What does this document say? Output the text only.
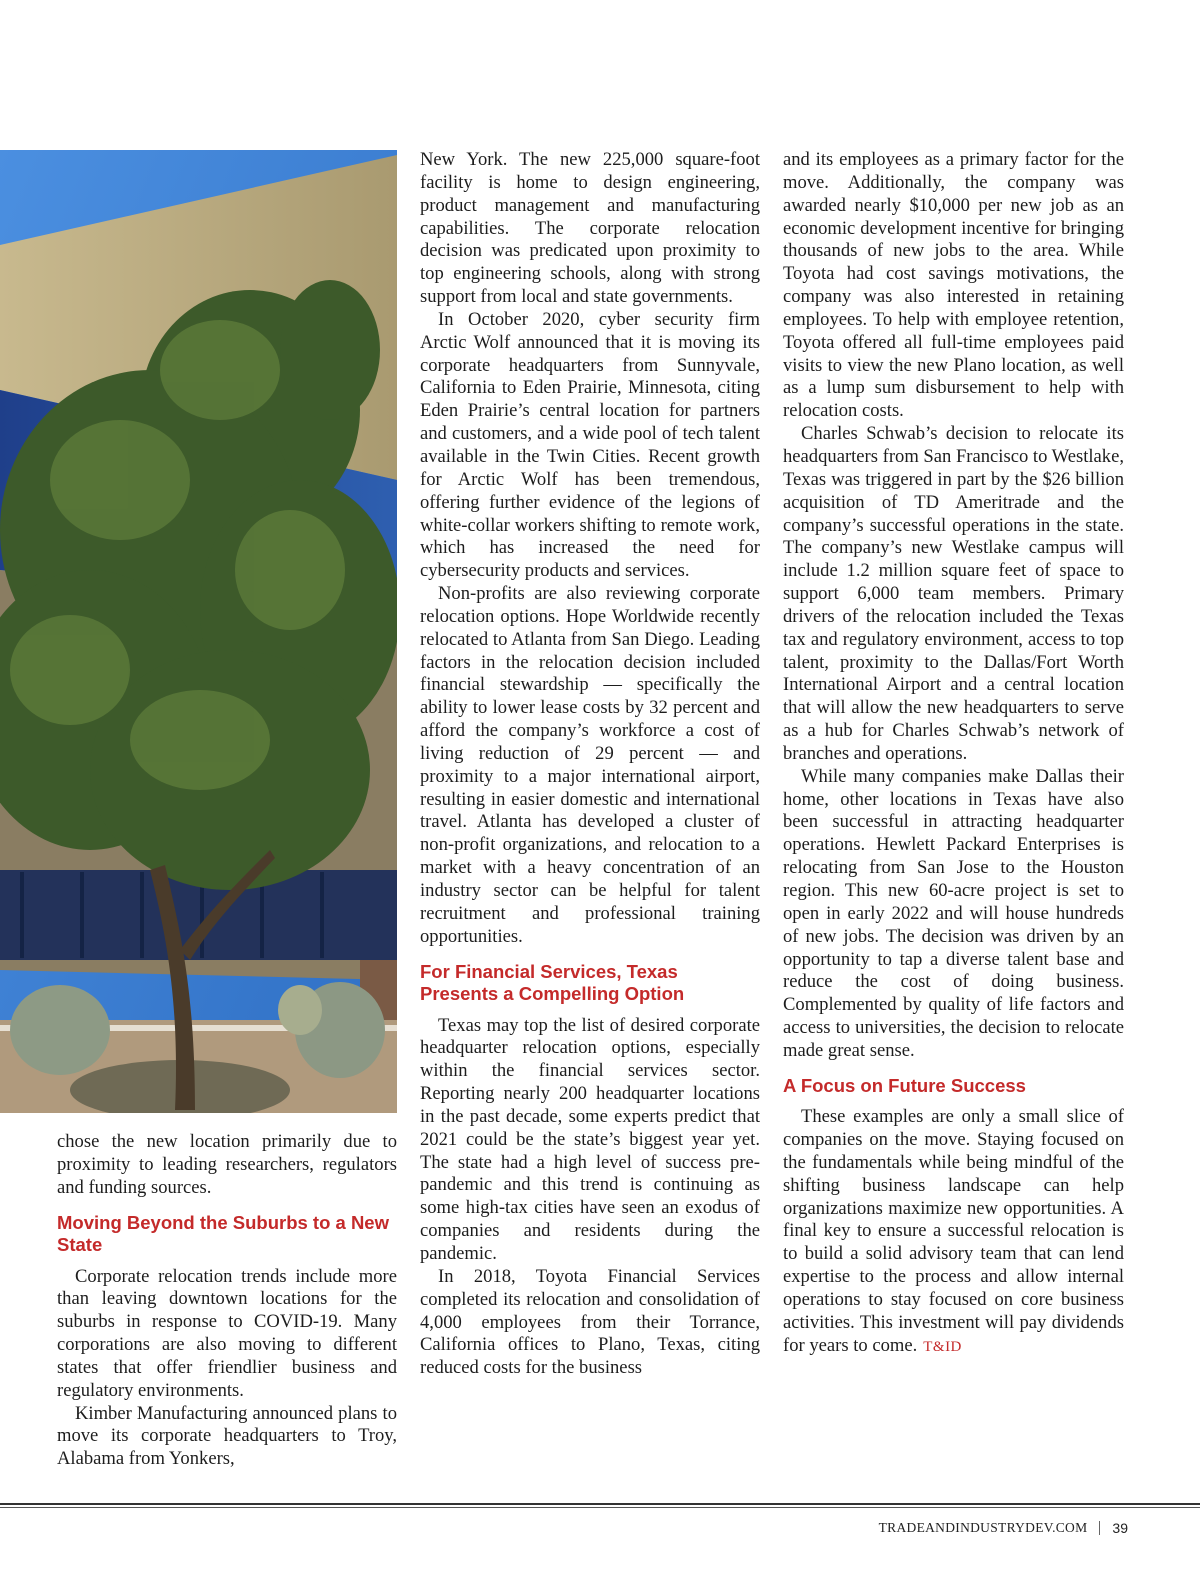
chose the new location primarily due to proximity to leading researchers, regulators and funding sources.

Moving Beyond the Suburbs to a New State

Corporate relocation trends include more than leaving downtown locations for the suburbs in response to COVID-19. Many corporations are also moving to different states that offer friendlier business and regulatory environments.

Kimber Manufacturing announced plans to move its corporate headquarters to Troy, Alabama from Yonkers,

New York. The new 225,000 square-foot facility is home to design engineering, product management and manufacturing capabilities. The corporate relocation decision was predicated upon proximity to top engineering schools, along with strong support from local and state governments.

In October 2020, cyber security firm Arctic Wolf announced that it is moving its corporate headquarters from Sunnyvale, California to Eden Prairie, Minnesota, citing Eden Prairie’s central location for partners and customers, and a wide pool of tech talent available in the Twin Cities. Recent growth for Arctic Wolf has been tremendous, offering further evidence of the legions of white-collar workers shifting to remote work, which has increased the need for cybersecurity products and services.

Non-profits are also reviewing corporate relocation options. Hope Worldwide recently relocated to Atlanta from San Diego. Leading factors in the relocation decision included financial stewardship — specifically the ability to lower lease costs by 32 percent and afford the company’s workforce a cost of living reduction of 29 percent — and proximity to a major international airport, resulting in easier domestic and international travel. Atlanta has developed a cluster of non-profit organizations, and relocation to a market with a heavy concentration of an industry sector can be helpful for talent recruitment and professional training opportunities.

For Financial Services, Texas Presents a Compelling Option

Texas may top the list of desired corporate headquarter relocation options, especially within the financial services sector. Reporting nearly 200 headquarter locations in the past decade, some experts predict that 2021 could be the state’s biggest year yet. The state had a high level of success pre-pandemic and this trend is continuing as some high-tax cities have seen an exodus of companies and residents during the pandemic.

In 2018, Toyota Financial Services completed its relocation and consolidation of 4,000 employees from their Torrance, California offices to Plano, Texas, citing reduced costs for the business

and its employees as a primary factor for the move. Additionally, the company was awarded nearly $10,000 per new job as an economic development incentive for bringing thousands of new jobs to the area. While Toyota had cost savings motivations, the company was also interested in retaining employees. To help with employee retention, Toyota offered all full-time employees paid visits to view the new Plano location, as well as a lump sum disbursement to help with relocation costs.

Charles Schwab’s decision to relocate its headquarters from San Francisco to Westlake, Texas was triggered in part by the $26 billion acquisition of TD Ameritrade and the company’s successful operations in the state. The company’s new Westlake campus will include 1.2 million square feet of space to support 6,000 team members. Primary drivers of the relocation included the Texas tax and regulatory environment, access to top talent, proximity to the Dallas/Fort Worth International Airport and a central location that will allow the new headquarters to serve as a hub for Charles Schwab’s network of branches and operations.

While many companies make Dallas their home, other locations in Texas have also been successful in attracting headquarter operations. Hewlett Packard Enterprises is relocating from San Jose to the Houston region. This new 60-acre project is set to open in early 2022 and will house hundreds of new jobs. The decision was driven by an opportunity to tap a diverse talent base and reduce the cost of doing business. Complemented by quality of life factors and access to universities, the decision to relocate made great sense.

A Focus on Future Success

These examples are only a small slice of companies on the move. Staying focused on the fundamentals while being mindful of the shifting business landscape can help organizations maximize new opportunities. A final key to ensure a successful relocation is to build a solid advisory team that can lend expertise to the process and allow internal operations to stay focused on core business activities. This investment will pay dividends for years to come. T&ID

TRADEANDINDUSTRYDEV.COM 39
